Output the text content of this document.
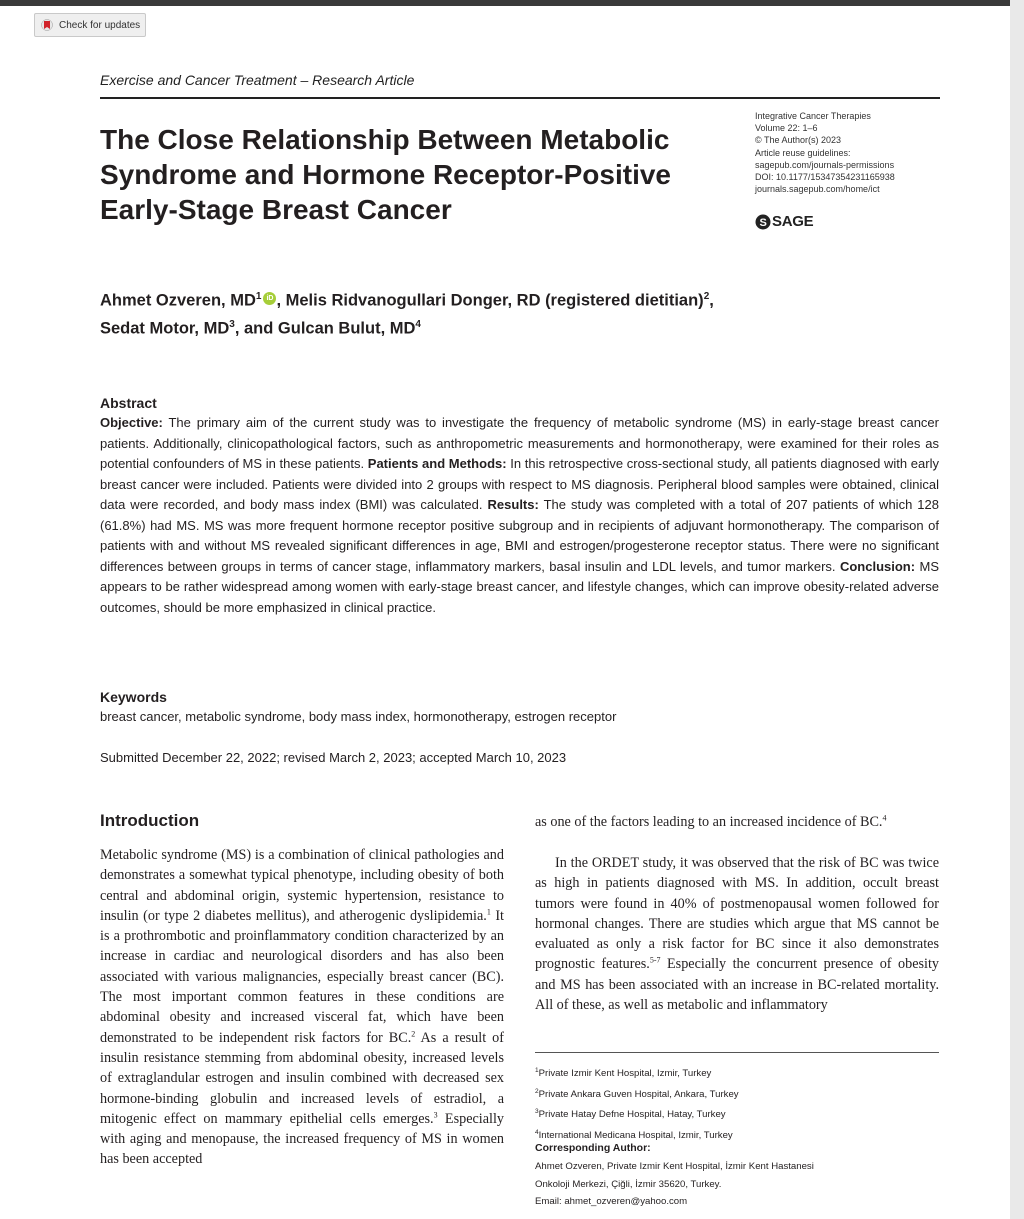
Check for updates
Exercise and Cancer Treatment – Research Article
The Close Relationship Between Metabolic Syndrome and Hormone Receptor-Positive Early-Stage Breast Cancer
Integrative Cancer Therapies
Volume 22: 1–6
© The Author(s) 2023
Article reuse guidelines:
sagepub.com/journals-permissions
DOI: 10.1177/15347354231165938
journals.sagepub.com/home/ict
S SAGE
Ahmet Ozveren, $MD^1$ iD , Melis Ridvanogullari Donger, RD (registered dietitian)$^2$,
Sedat Motor, $MD^3$, and Gulcan Bulut, $MD^4$
Abstract

Objective: The primary aim of the current study was to investigate the frequency of metabolic syndrome (MS) in early-stage breast cancer patients. Additionally, clinicopathological factors, such as anthropometric measurements and hormonotherapy, were examined for their roles as potential confounders of MS in these patients. Patients and Methods: In this retrospective cross-sectional study, all patients diagnosed with early breast cancer were included. Patients were divided into 2 groups with respect to MS diagnosis. Peripheral blood samples were obtained, clinical data were recorded, and body mass index (BMI) was calculated. Results: The study was completed with a total of 207 patients of which 128 (61.8%) had MS. MS was more frequent hormone receptor positive subgroup and in recipients of adjuvant hormonotherapy. The comparison of patients with and without MS revealed significant differences in age, BMI and estrogen/progesterone receptor status. There were no significant differences between groups in terms of cancer stage, inflammatory markers, basal insulin and LDL levels, and tumor markers. Conclusion: MS appears to be rather widespread among women with early-stage breast cancer, and lifestyle changes, which can improve obesity-related adverse outcomes, should be more emphasized in clinical practice.

Keywords
breast cancer, metabolic syndrome, body mass index, hormonotherapy, estrogen receptor
Submitted December 22, 2022; revised March 2, 2023; accepted March 10, 2023
Introduction

Metabolic syndrome (MS) is a combination of clinical pathologies and demonstrates a somewhat typical phenotype, including obesity of both central and abdominal origin, systemic hypertension, resistance to insulin (or type 2 diabetes mellitus), and atherogenic dyslipidemia.$^1$ It is a prothrombotic and proinflammatory condition characterized by an increase in cardiac and neurological disorders and has also been associated with various malignancies, especially breast cancer (BC). The most important common features in these conditions are abdominal obesity and increased visceral fat, which have been demonstrated to be independent risk factors for BC.$^2$ As a result of insulin resistance stemming from abdominal obesity, increased levels of extraglandular estrogen and insulin combined with decreased sex hormone-binding globulin and increased levels of estradiol, a mitogenic effect on mammary epithelial cells emerges.$^3$ Especially with aging and menopause, the increased frequency of MS in women has been accepted

as one of the factors leading to an increased incidence of BC.$^4$

In the ORDET study, it was observed that the risk of BC was twice as high in patients diagnosed with MS. In addition, occult breast tumors were found in 40% of postmenopausal women followed for hormonal changes. There are studies which argue that MS cannot be evaluated as only a risk factor for BC since it also demonstrates prognostic features.$^{5-7}$ Especially the concurrent presence of obesity and MS has been associated with an increase in BC-related mortality. All of these, as well as metabolic and inflammatory

$^1$Private Izmir Kent Hospital, Izmir, Turkey
$^2$Private Ankara Guven Hospital, Ankara, Turkey
$^3$Private Hatay Defne Hospital, Hatay, Turkey
$^4$International Medicana Hospital, Izmir, Turkey
Corresponding Author:
Ahmet Ozveren, Private Izmir Kent Hospital, İzmir Kent Hastanesi
Onkoloji Merkezi, Çiğli, İzmir 35620, Turkey.
Email: ahmet_ozveren@yahoo.com
